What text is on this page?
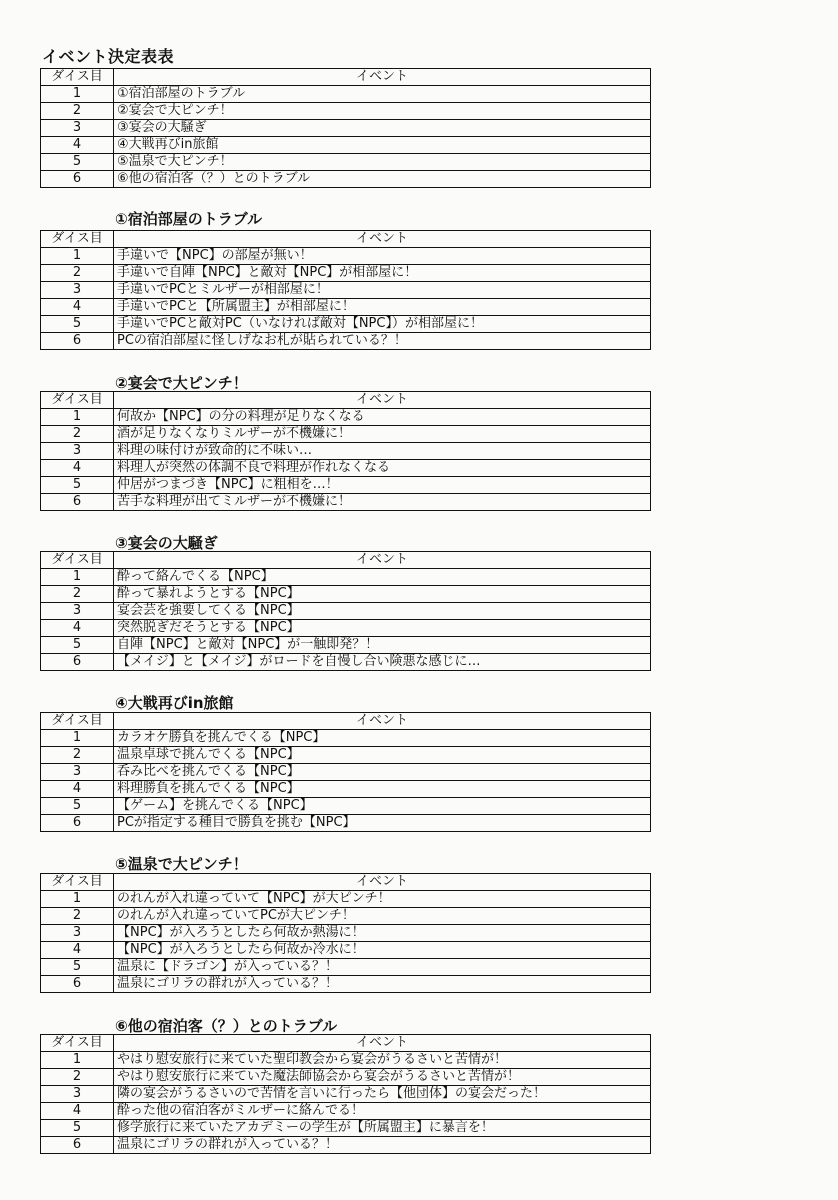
イベント決定表表
ダイス目	イベント
1	①宿泊部屋のトラブル
2	②宴会で大ピンチ！
3	③宴会の大騒ぎ
4	④大戦再びin旅館
5	⑤温泉で大ピンチ！
6	⑥他の宿泊客（？）とのトラブル
①宿泊部屋のトラブル
ダイス目	イベント
1	手違いで【NPC】の部屋が無い！
2	手違いで自陣【NPC】と敵対【NPC】が相部屋に！
3	手違いでPCとミルザーが相部屋に！
4	手違いでPCと【所属盟主】が相部屋に！
5	手違いでPCと敵対PC（いなければ敵対【NPC】）が相部屋に！
6	PCの宿泊部屋に怪しげなお札が貼られている？！
②宴会で大ピンチ！
ダイス目	イベント
1	何故か【NPC】の分の料理が足りなくなる
2	酒が足りなくなりミルザーが不機嫌に！
3	料理の味付けが致命的に不味い…
4	料理人が突然の体調不良で料理が作れなくなる
5	仲居がつまづき【NPC】に粗相を…！
6	苦手な料理が出てミルザーが不機嫌に！
③宴会の大騒ぎ
ダイス目	イベント
1	酔って絡んでくる【NPC】
2	酔って暴れようとする【NPC】
3	宴会芸を強要してくる【NPC】
4	突然脱ぎだそうとする【NPC】
5	自陣【NPC】と敵対【NPC】が一触即発？！
6	【メイジ】と【メイジ】がロードを自慢し合い険悪な感じに…
④大戦再びin旅館
ダイス目	イベント
1	カラオケ勝負を挑んでくる【NPC】
2	温泉卓球で挑んでくる【NPC】
3	呑み比べを挑んでくる【NPC】
4	料理勝負を挑んでくる【NPC】
5	【ゲーム】を挑んでくる【NPC】
6	PCが指定する種目で勝負を挑む【NPC】
⑤温泉で大ピンチ！
ダイス目	イベント
1	のれんが入れ違っていて【NPC】が大ピンチ！
2	のれんが入れ違っていてPCが大ピンチ！
3	【NPC】が入ろうとしたら何故か熱湯に！
4	【NPC】が入ろうとしたら何故か冷水に！
5	温泉に【ドラゴン】が入っている？！
6	温泉にゴリラの群れが入っている？！
⑥他の宿泊客（？）とのトラブル
ダイス目	イベント
1	やはり慰安旅行に来ていた聖印教会から宴会がうるさいと苦情が！
2	やはり慰安旅行に来ていた魔法師協会から宴会がうるさいと苦情が！
3	隣の宴会がうるさいので苦情を言いに行ったら【他団体】の宴会だった！
4	酔った他の宿泊客がミルザーに絡んでる！
5	修学旅行に来ていたアカデミーの学生が【所属盟主】に暴言を！
6	温泉にゴリラの群れが入っている？！
